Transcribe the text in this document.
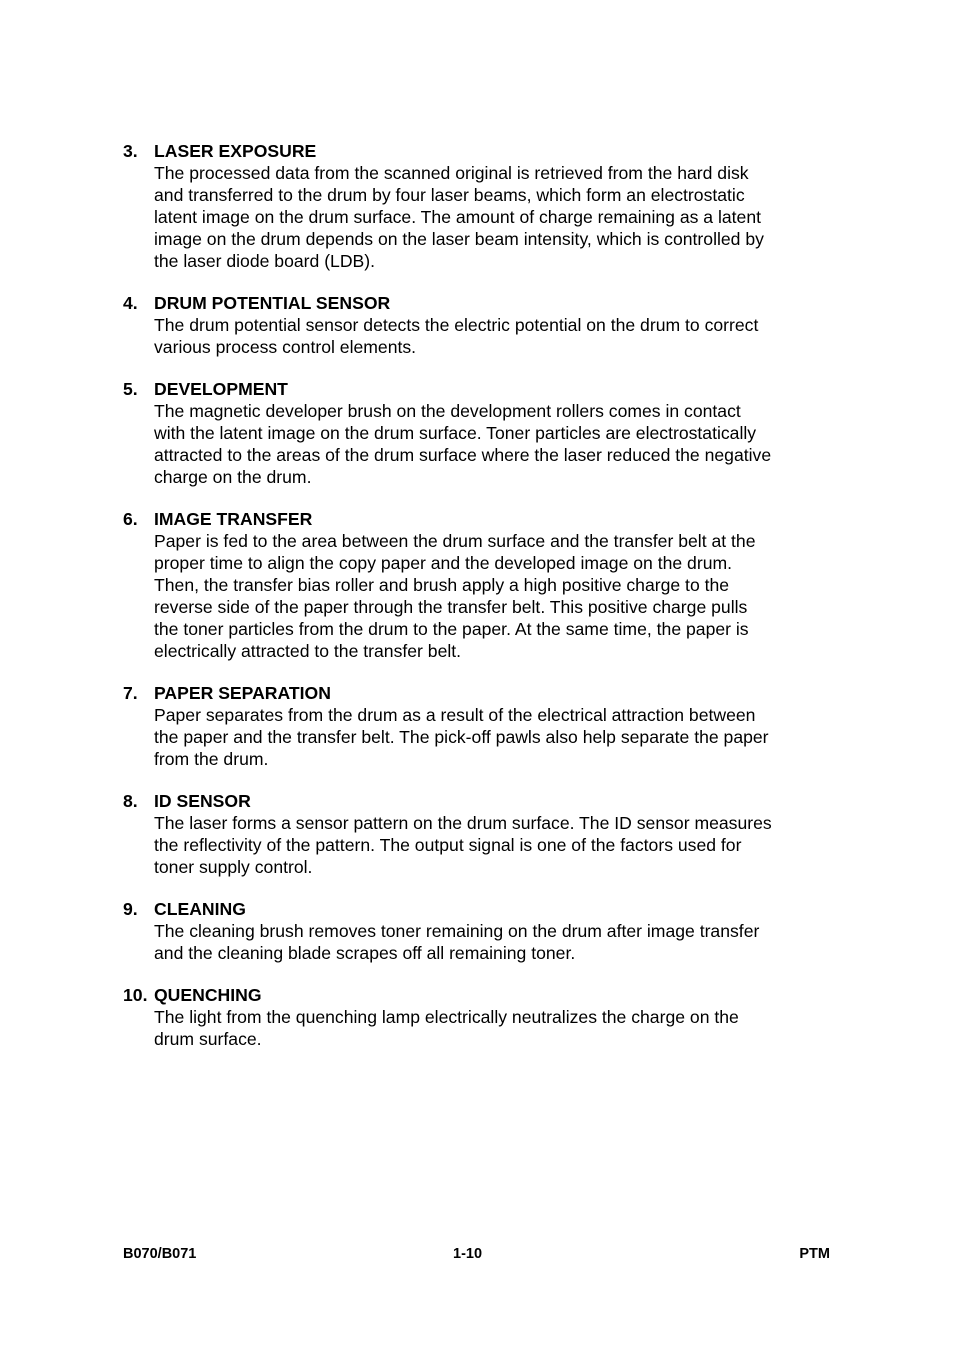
3. LASER EXPOSURE
The processed data from the scanned original is retrieved from the hard disk
and transferred to the drum by four laser beams, which form an electrostatic
latent image on the drum surface. The amount of charge remaining as a latent
image on the drum depends on the laser beam intensity, which is controlled by
the laser diode board (LDB).
4. DRUM POTENTIAL SENSOR
The drum potential sensor detects the electric potential on the drum to correct
various process control elements.
5. DEVELOPMENT
The magnetic developer brush on the development rollers comes in contact
with the latent image on the drum surface. Toner particles are electrostatically
attracted to the areas of the drum surface where the laser reduced the negative
charge on the drum.
6. IMAGE TRANSFER
Paper is fed to the area between the drum surface and the transfer belt at the
proper time to align the copy paper and the developed image on the drum.
Then, the transfer bias roller and brush apply a high positive charge to the
reverse side of the paper through the transfer belt. This positive charge pulls
the toner particles from the drum to the paper. At the same time, the paper is
electrically attracted to the transfer belt.
7. PAPER SEPARATION
Paper separates from the drum as a result of the electrical attraction between
the paper and the transfer belt. The pick-off pawls also help separate the paper
from the drum.
8. ID SENSOR
The laser forms a sensor pattern on the drum surface. The ID sensor measures
the reflectivity of the pattern. The output signal is one of the factors used for
toner supply control.
9. CLEANING
The cleaning brush removes toner remaining on the drum after image transfer
and the cleaning blade scrapes off all remaining toner.
10. QUENCHING
The light from the quenching lamp electrically neutralizes the charge on the
drum surface.
B070/B071	1-10	PTM
